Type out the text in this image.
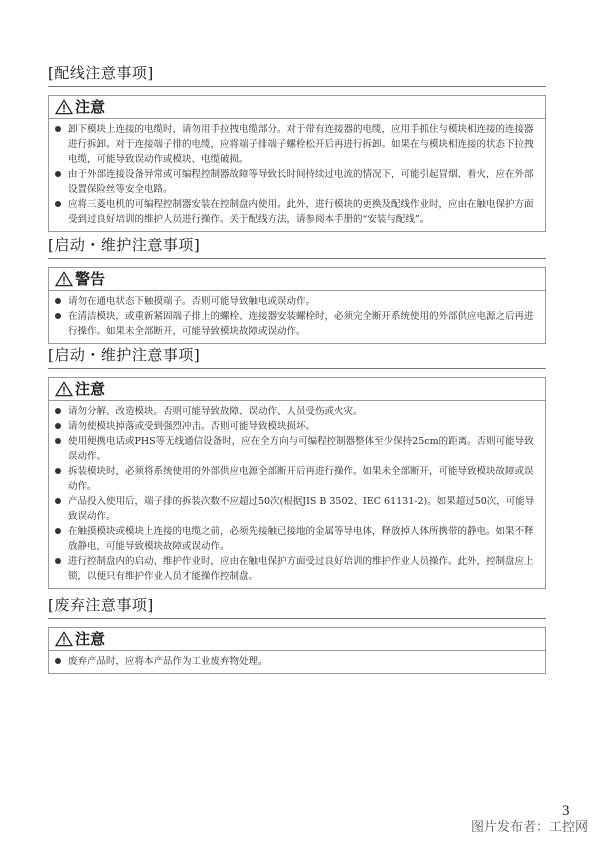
[配线注意事项]
注意
卸下模块上连接的电缆时，请勿用手拉拽电缆部分。对于带有连接器的电缆，应用手抓住与模块相连接的连接器进行拆卸。对于连接端子排的电缆，应将端子排端子螺栓松开后再进行拆卸。如果在与模块相连接的状态下拉拽电缆，可能导致误动作或模块、电缆破损。
由于外部连接设备异常或可编程控制器故障等导致长时间持续过电流的情况下，可能引起冒烟、着火，应在外部设置保险丝等安全电路。
应将三菱电机的可编程控制器安装在控制盘内使用。此外，进行模块的更换及配线作业时，应由在触电保护方面受到过良好培训的维护人员进行操作。关于配线方法，请参阅本手册的“安装与配线”。
[启动・维护注意事项]
警告
请勿在通电状态下触摸端子。否则可能导致触电或误动作。
在清洁模块，或重新紧固端子排上的螺栓、连接器安装螺栓时，必须完全断开系统使用的外部供应电源之后再进行操作。如果未全部断开，可能导致模块故障或误动作。
[启动・维护注意事项]
注意
请勿分解、改造模块。否则可能导致故障、误动作、人员受伤或火灾。
请勿使模块掉落或受到强烈冲击。否则可能导致模块损坏。
使用便携电话或PHS等无线通信设备时，应在全方向与可编程控制器整体至少保持25cm的距离。否则可能导致误动作。
拆装模块时，必须将系统使用的外部供应电源全部断开后再进行操作。如果未全部断开，可能导致模块故障或误动作。
产品投入使用后，端子排的拆装次数不应超过50次(根据JIS B 3502、IEC 61131-2)。如果超过50次，可能导致误动作。
在触摸模块或模块上连接的电缆之前，必须先接触已接地的金属等导电体，释放掉人体所携带的静电。如果不释放静电，可能导致模块故障或误动作。
进行控制盘内的启动、维护作业时，应由在触电保护方面受过良好培训的维护作业人员操作。此外，控制盘应上锁，以便只有维护作业人员才能操作控制盘。
[废弃注意事项]
注意
废弃产品时，应将本产品作为工业废弃物处理。
3
图片发布者：工控网
